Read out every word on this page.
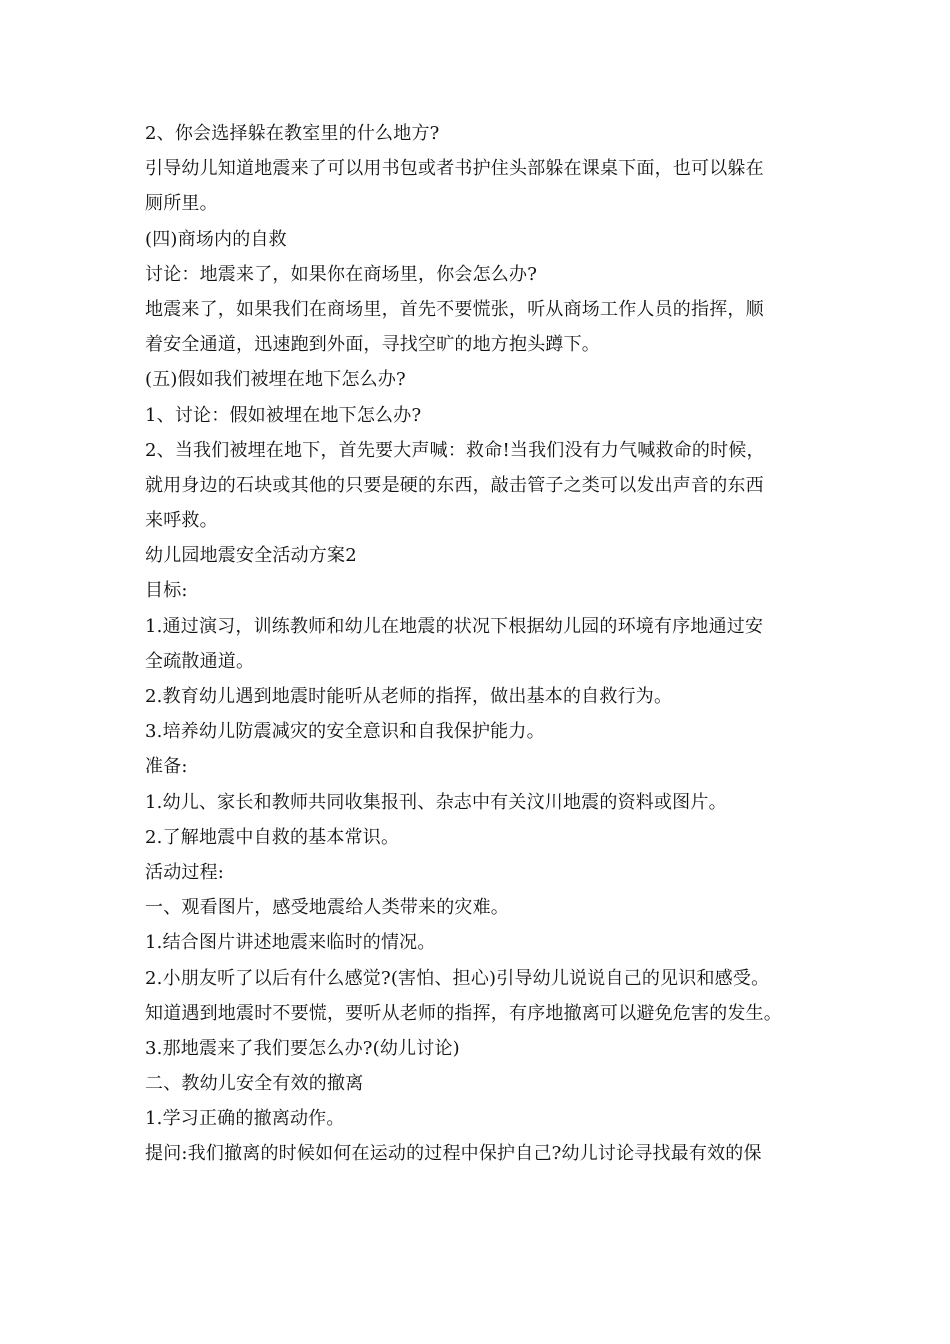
2、你会选择躲在教室里的什么地方?
引导幼儿知道地震来了可以用书包或者书护住头部躲在课桌下面，也可以躲在
厕所里。
(四)商场内的自救
讨论：地震来了，如果你在商场里，你会怎么办?
地震来了，如果我们在商场里，首先不要慌张，听从商场工作人员的指挥，顺
着安全通道，迅速跑到外面，寻找空旷的地方抱头蹲下。
(五)假如我们被埋在地下怎么办?
1、讨论：假如被埋在地下怎么办?
2、当我们被埋在地下，首先要大声喊：救命!当我们没有力气喊救命的时候，
就用身边的石块或其他的只要是硬的东西，敲击管子之类可以发出声音的东西
来呼救。
幼儿园地震安全活动方案2
目标:
1.通过演习，训练教师和幼儿在地震的状况下根据幼儿园的环境有序地通过安
全疏散通道。
2.教育幼儿遇到地震时能听从老师的指挥，做出基本的自救行为。
3.培养幼儿防震减灾的安全意识和自我保护能力。
准备:
1.幼儿、家长和教师共同收集报刊、杂志中有关汶川地震的资料或图片。
2.了解地震中自救的基本常识。
活动过程:
一、观看图片，感受地震给人类带来的灾难。
1.结合图片讲述地震来临时的情况。
2.小朋友听了以后有什么感觉?(害怕、担心)引导幼儿说说自己的见识和感受。
知道遇到地震时不要慌，要听从老师的指挥，有序地撤离可以避免危害的发生。
3.那地震来了我们要怎么办?(幼儿讨论)
二、教幼儿安全有效的撤离
1.学习正确的撤离动作。
提问:我们撤离的时候如何在运动的过程中保护自己?幼儿讨论寻找最有效的保
